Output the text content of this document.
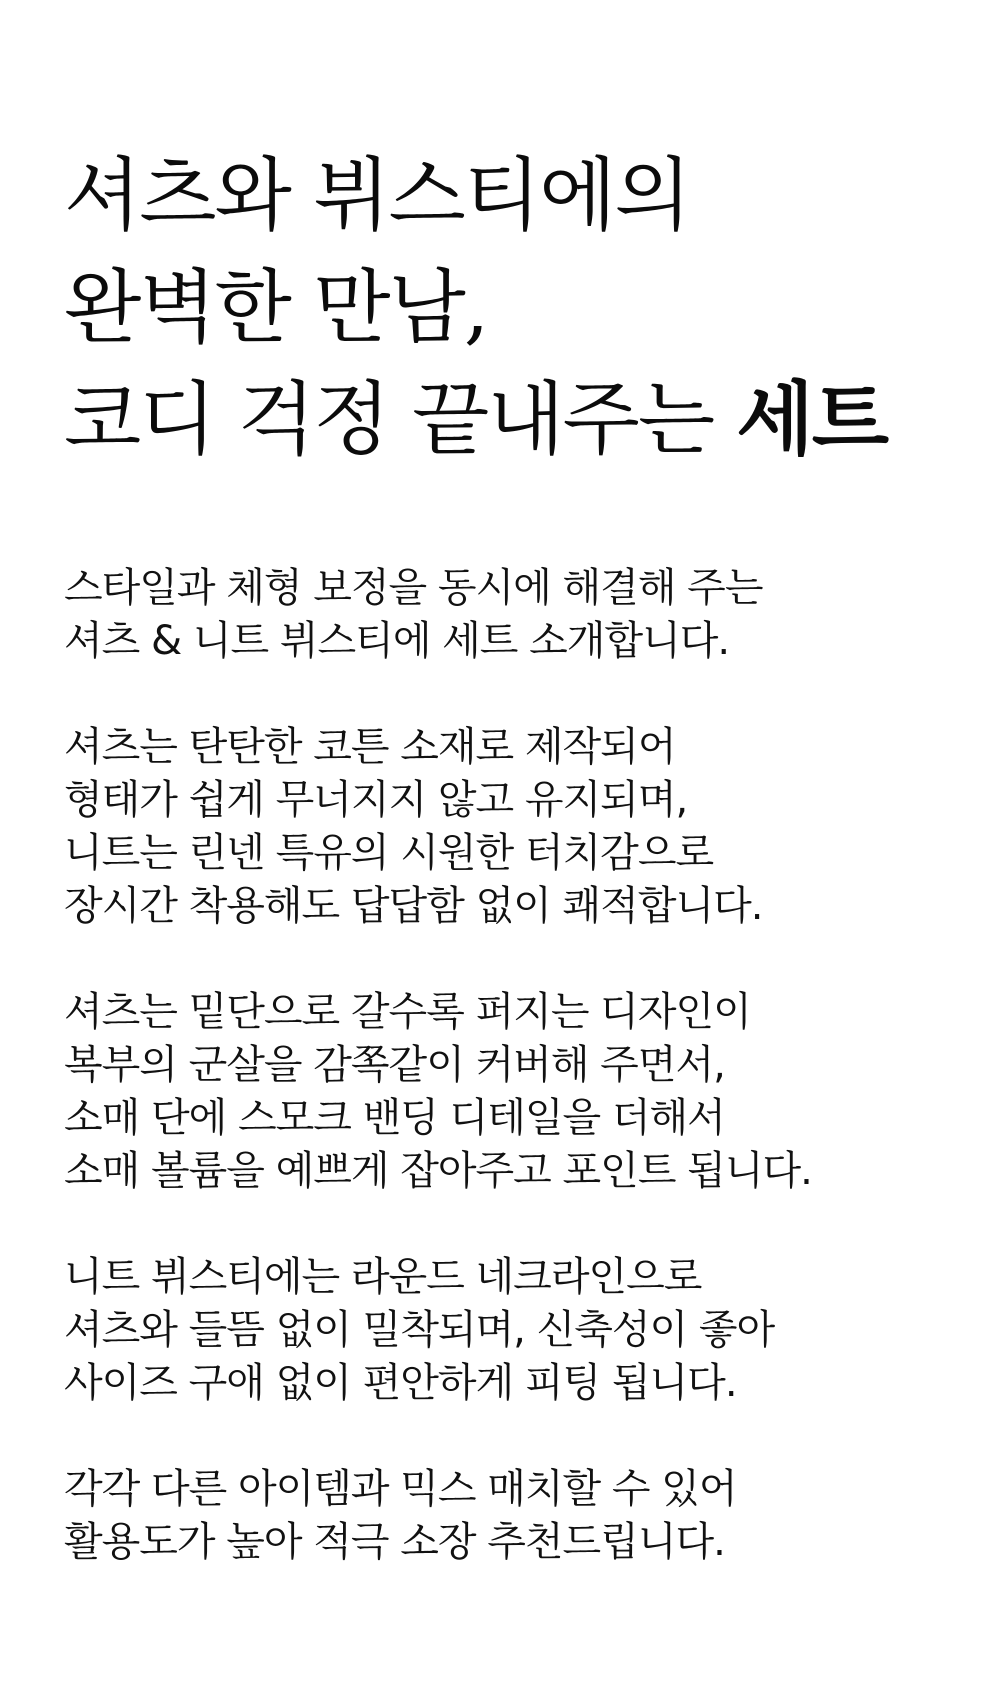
셔츠와 뷔스티에의
완벽한 만남,
코디 걱정 끝내주는 세트

스타일과 체형 보정을 동시에 해결해 주는
셔츠 & 니트 뷔스티에 세트 소개합니다.

셔츠는 탄탄한 코튼 소재로 제작되어
형태가 쉽게 무너지지 않고 유지되며,
니트는 린넨 특유의 시원한 터치감으로
장시간 착용해도 답답함 없이 쾌적합니다.

셔츠는 밑단으로 갈수록 퍼지는 디자인이
복부의 군살을 감쪽같이 커버해 주면서,
소매 단에 스모크 밴딩 디테일을 더해서
소매 볼륨을 예쁘게 잡아주고 포인트 됩니다.

니트 뷔스티에는 라운드 네크라인으로
셔츠와 들뜸 없이 밀착되며, 신축성이 좋아
사이즈 구애 없이 편안하게 피팅 됩니다.

각각 다른 아이템과 믹스 매치할 수 있어
활용도가 높아 적극 소장 추천드립니다.
